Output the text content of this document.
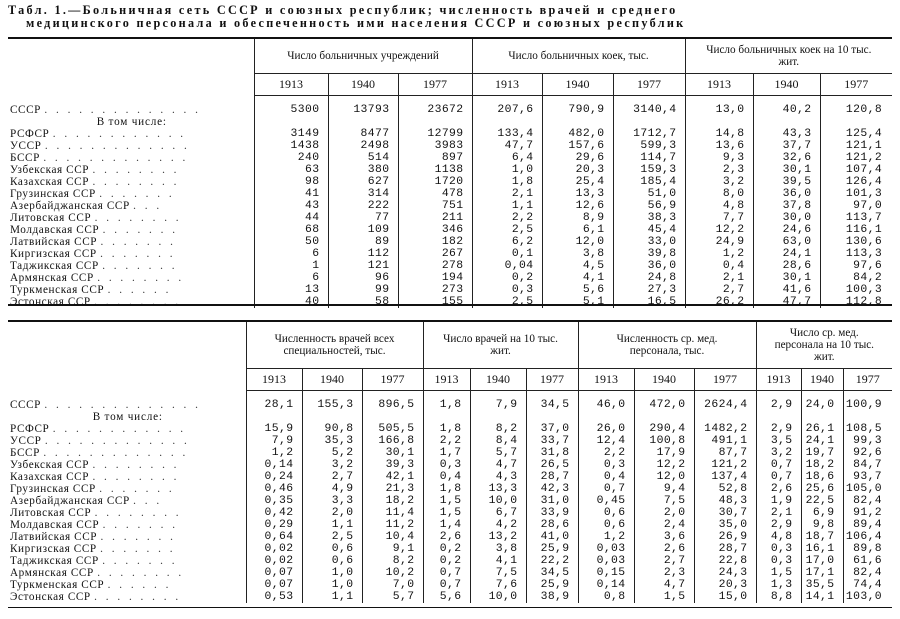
Табл. 1.—Больничная сеть СССР и союзных республик; численность врачей и среднего
медицинского персонала и обеспеченность ими населения СССР и союзных республик
	Число больничных учреждений			Число больничных коек, тыс.			Число больничных коек на 10 тыс. жит.		
	1913	1940	1977	1913	1940	1977	1913	1940	1977
СССР . . . . . . . . . . . . . .	5300	13793	23672	207,6	790,9	3140,4	13,0	40,2	120,8
В том числе:									
РСФСР . . . . . . . . . . . .	3149	8477	12799	133,4	482,0	1712,7	14,8	43,3	125,4
УССР . . . . . . . . . . . . .	1438	2498	3983	47,7	157,6	599,3	13,6	37,7	121,1
БССР . . . . . . . . . . . . .	240	514	897	6,4	29,6	114,7	9,3	32,6	121,2
Узбекская ССР . . . . . . . .	63	380	1138	1,0	20,3	159,3	2,3	30,1	107,4
Казахская ССР . . . . . . . .	98	627	1720	1,8	25,4	185,4	3,2	39,5	126,4
Грузинская ССР . . . . . . .	41	314	478	2,1	13,3	51,0	8,0	36,0	101,3
Азербайджанская ССР . . .	43	222	751	1,1	12,6	56,9	4,8	37,8	97,0
Литовская ССР . . . . . . . .	44	77	211	2,2	8,9	38,3	7,7	30,0	113,7
Молдавская ССР . . . . . . .	68	109	346	2,5	6,1	45,4	12,2	24,6	116,1
Латвийская ССР . . . . . . .	50	89	182	6,2	12,0	33,0	24,9	63,0	130,6
Киргизская ССР . . . . . . .	6	112	267	0,1	3,8	39,8	1,2	24,1	113,3
Таджикская ССР . . . . . . .	1	121	278	0,04	4,5	36,0	0,4	28,6	97,6
Армянская ССР . . . . . . . .	6	96	194	0,2	4,1	24,8	2,1	30,1	84,2
Туркменская ССР . . . . . .	13	99	273	0,3	5,6	27,3	2,7	41,6	100,3
Эстонская ССР . . . . . . . .	40	58	155	2,5	5,1	16,5	26,2	47,7	112,8
	Численность врачей всех специальностей, тыс.			Число врачей на 10 тыс. жит.			Численность ср. мед. персонала, тыс.			Число ср. мед. персонала на 10 тыс. жит.		
	1913	1940	1977	1913	1940	1977	1913	1940	1977	1913	1940	1977
СССР . . . . . . . . . . . . . .	28,1	155,3	896,5	1,8	7,9	34,5	46,0	472,0	2624,4	2,9	24,0	100,9
В том числе:												
РСФСР . . . . . . . . . . . .	15,9	90,8	505,5	1,8	8,2	37,0	26,0	290,4	1482,2	2,9	26,1	108,5
УССР . . . . . . . . . . . . .	7,9	35,3	166,8	2,2	8,4	33,7	12,4	100,8	491,1	3,5	24,1	99,3
БССР . . . . . . . . . . . . .	1,2	5,2	30,1	1,7	5,7	31,8	2,2	17,9	87,7	3,2	19,7	92,6
Узбекская ССР . . . . . . . .	0,14	3,2	39,3	0,3	4,7	26,5	0,3	12,2	121,2	0,7	18,2	84,7
Казахская ССР . . . . . . . .	0,24	2,7	42,1	0,4	4,3	28,7	0,4	12,0	137,4	0,7	18,6	93,7
Грузинская ССР . . . . . . .	0,46	4,9	21,3	1,8	13,3	42,3	0,7	9,4	52,8	2,6	25,6	105,0
Азербайджанская ССР . . .	0,35	3,3	18,2	1,5	10,0	31,0	0,45	7,5	48,3	1,9	22,5	82,4
Литовская ССР . . . . . . . .	0,42	2,0	11,4	1,5	6,7	33,9	0,6	2,0	30,7	2,1	6,9	91,2
Молдавская ССР . . . . . . .	0,29	1,1	11,2	1,4	4,2	28,6	0,6	2,4	35,0	2,9	9,8	89,4
Латвийская ССР . . . . . . .	0,64	2,5	10,4	2,6	13,2	41,0	1,2	3,6	26,9	4,8	18,7	106,4
Киргизская ССР . . . . . . .	0,02	0,6	9,1	0,2	3,8	25,9	0,03	2,6	28,7	0,3	16,1	89,8
Таджикская ССР . . . . . . .	0,02	0,6	8,2	0,2	4,1	22,2	0,03	2,7	22,8	0,3	17,0	61,6
Армянская ССР . . . . . . . .	0,07	1,0	10,2	0,7	7,5	34,5	0,15	2,3	24,3	1,5	17,1	82,4
Туркменская ССР . . . . . .	0,07	1,0	7,0	0,7	7,6	25,9	0,14	4,7	20,3	1,3	35,5	74,4
Эстонская ССР . . . . . . . .	0,53	1,1	5,7	5,6	10,0	38,9	0,8	1,5	15,0	8,8	14,1	103,0
